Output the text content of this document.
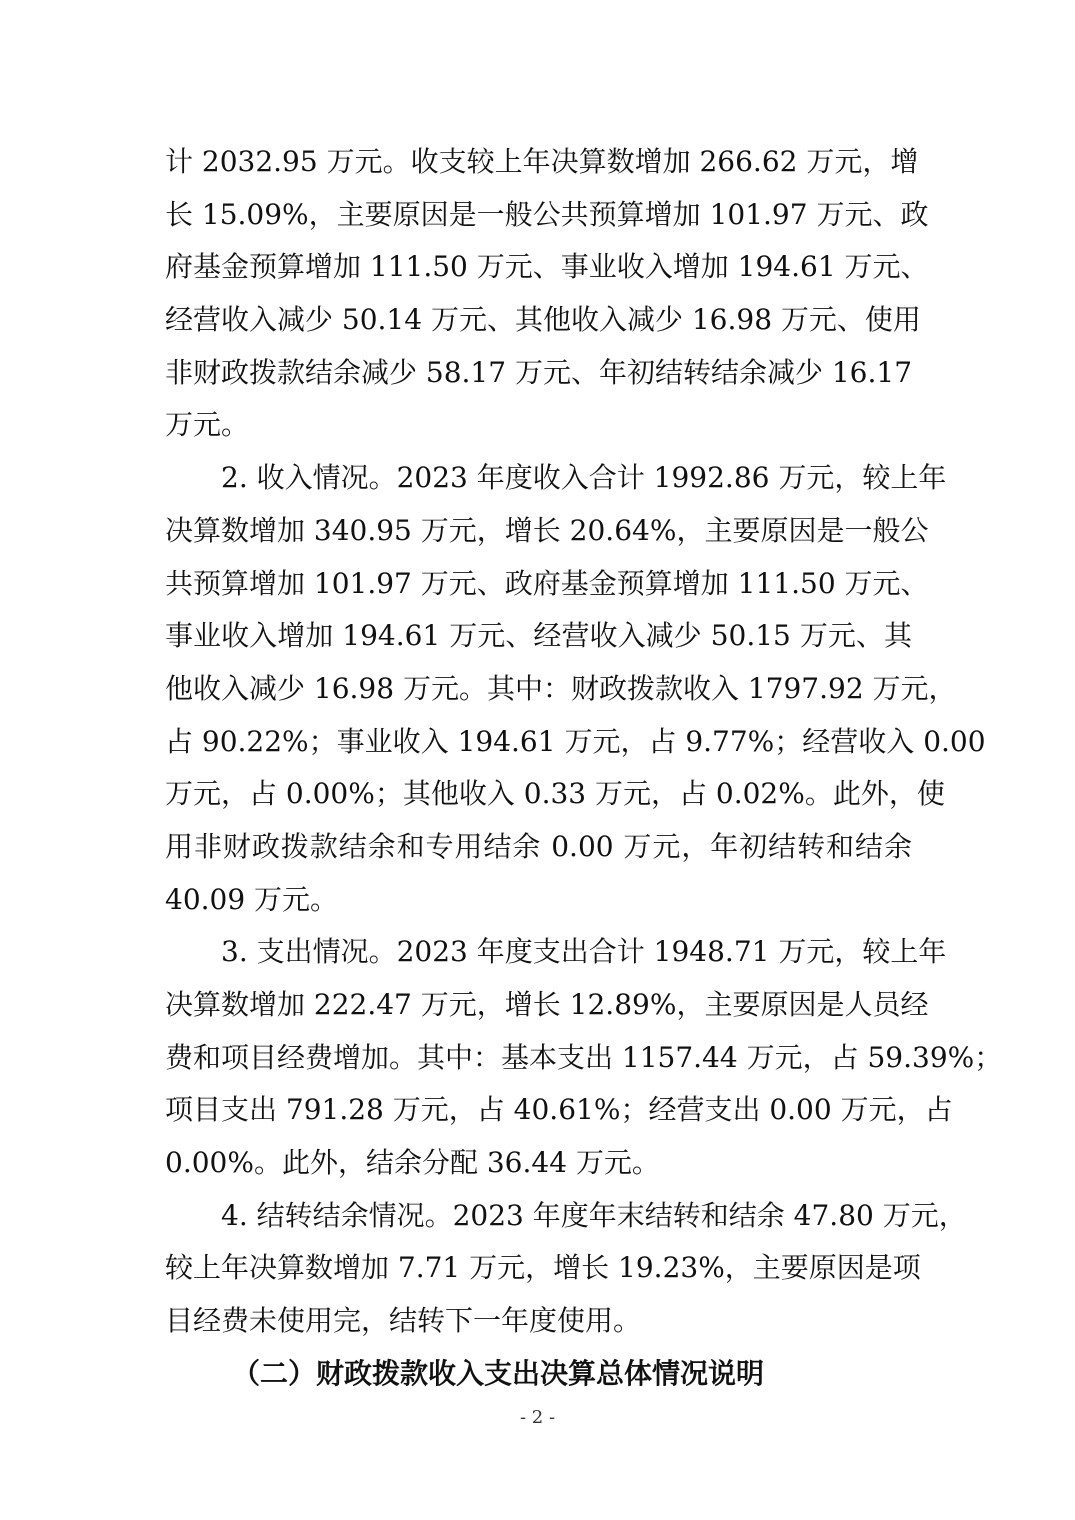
计 2032.95 万元。收支较上年决算数增加 266.62 万元，增
长 15.09%，主要原因是一般公共预算增加 101.97 万元、政
府基金预算增加 111.50 万元、事业收入增加 194.61 万元、
经营收入减少 50.14 万元、其他收入减少 16.98 万元、使用
非财政拨款结余减少 58.17 万元、年初结转结余减少 16.17
万元。
2. 收入情况。2023 年度收入合计 1992.86 万元，较上年
决算数增加 340.95 万元，增长 20.64%，主要原因是一般公
共预算增加 101.97 万元、政府基金预算增加 111.50 万元、
事业收入增加 194.61 万元、经营收入减少 50.15 万元、其
他收入减少 16.98 万元。其中：财政拨款收入 1797.92 万元，
占 90.22%；事业收入 194.61 万元，占 9.77%；经营收入 0.00
万元，占 0.00%；其他收入 0.33 万元，占 0.02%。此外，使
用非财政拨款结余和专用结余 0.00 万元，年初结转和结余
40.09 万元。
3. 支出情况。2023 年度支出合计 1948.71 万元，较上年
决算数增加 222.47 万元，增长 12.89%，主要原因是人员经
费和项目经费增加。其中：基本支出 1157.44 万元，占 59.39%；
项目支出 791.28 万元，占 40.61%；经营支出 0.00 万元，占
0.00%。此外，结余分配 36.44 万元。
4. 结转结余情况。2023 年度年末结转和结余 47.80 万元，
较上年决算数增加 7.71 万元，增长 19.23%，主要原因是项
目经费未使用完，结转下一年度使用。
（二）财政拨款收入支出决算总体情况说明
- 2 -
